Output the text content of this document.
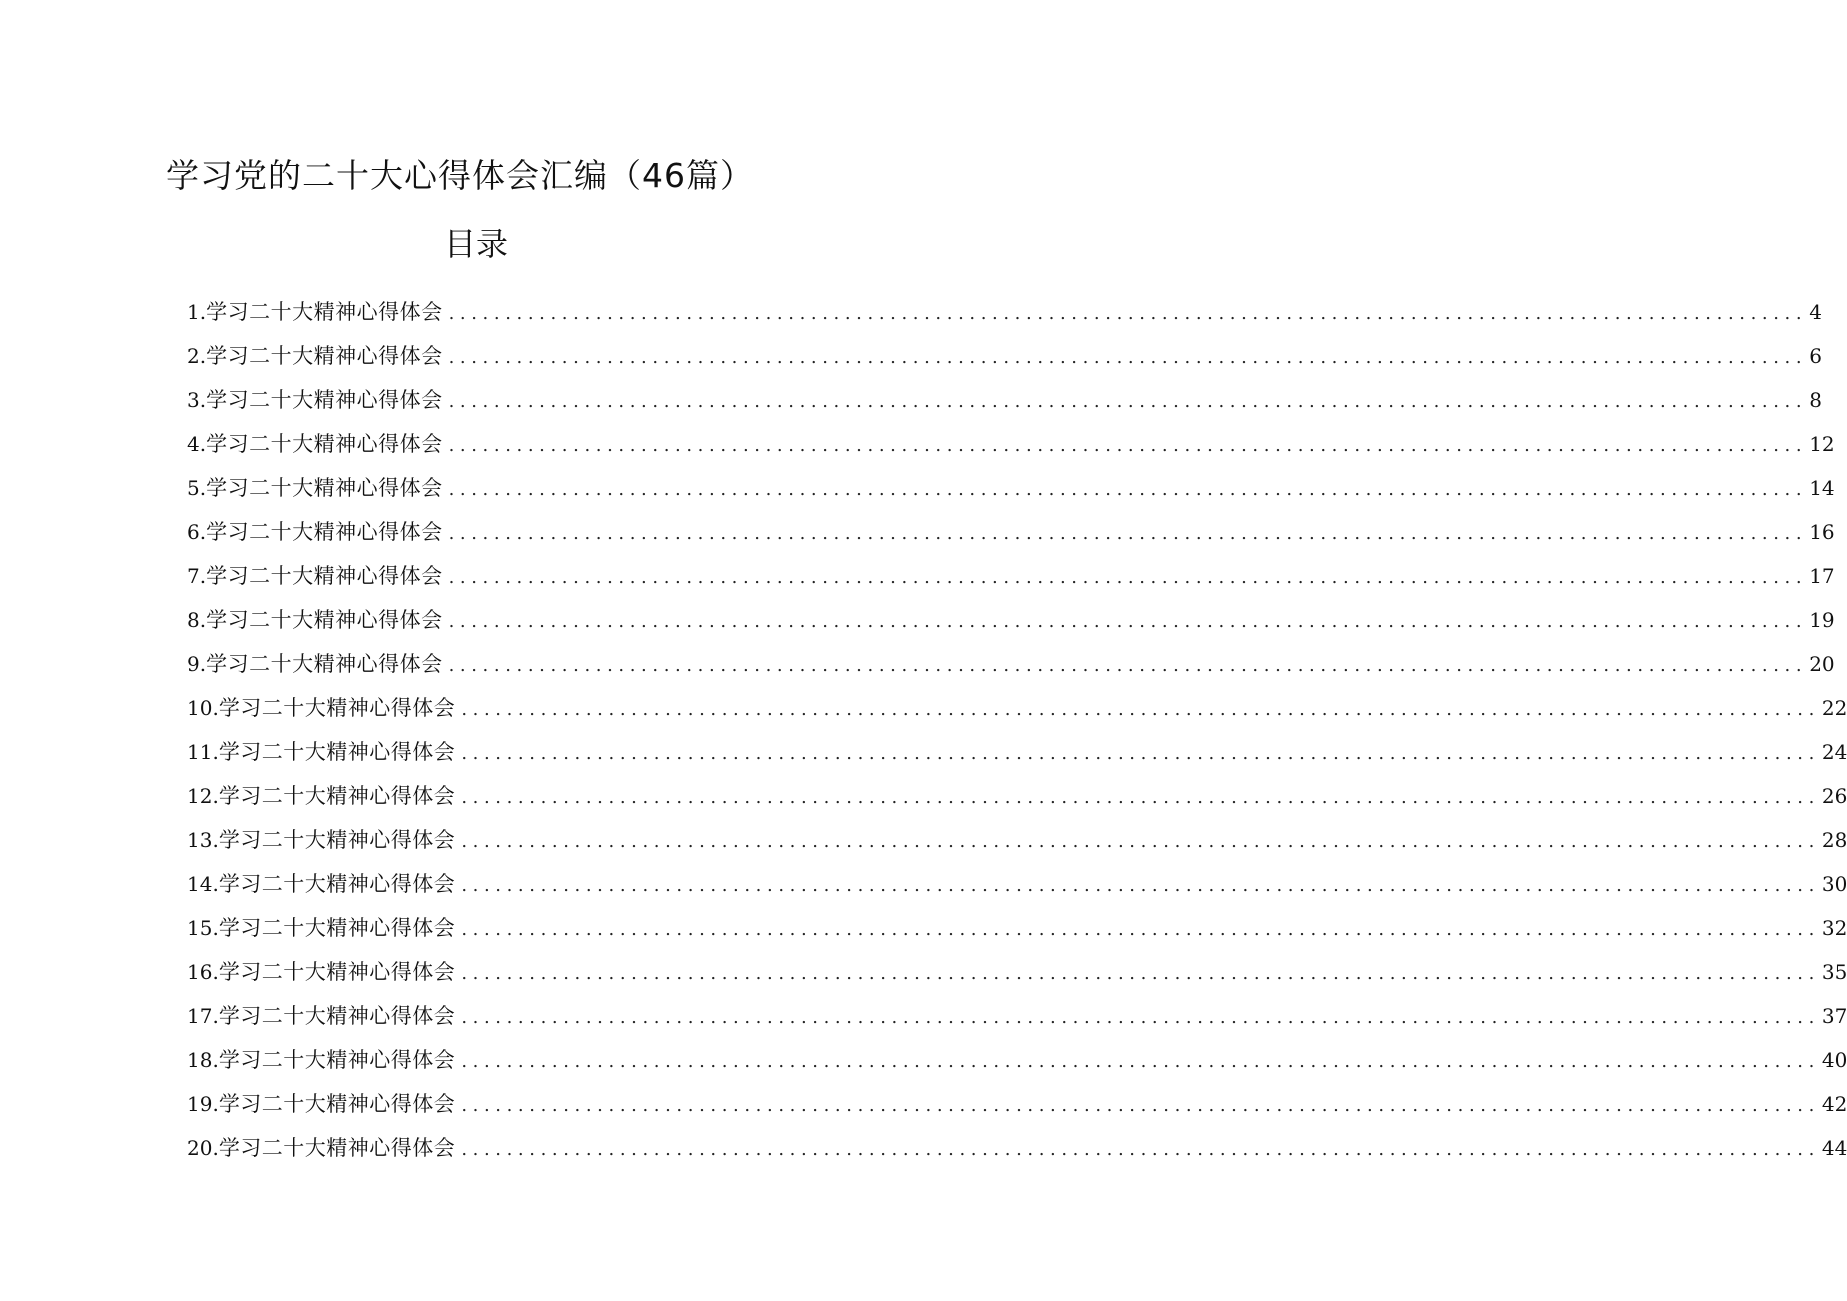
学习党的二十大心得体会汇编（46篇）
目录
1 . 学习二十大精神心得体会 ........................................................................................................................ 4
2 . 学习二十大精神心得体会 ........................................................................................................................ 6
3 . 学习二十大精神心得体会 ........................................................................................................................ 8
4 . 学习二十大精神心得体会 ........................................................................................................................ 12
5 . 学习二十大精神心得体会 ........................................................................................................................ 14
6 . 学习二十大精神心得体会 ........................................................................................................................ 16
7 . 学习二十大精神心得体会 ........................................................................................................................ 17
8 . 学习二十大精神心得体会 ........................................................................................................................ 19
9 . 学习二十大精神心得体会 ........................................................................................................................ 20
10 . 学习二十大精神心得体会 ........................................................................................................................ 22
11 . 学习二十大精神心得体会 ........................................................................................................................ 24
12 . 学习二十大精神心得体会 ........................................................................................................................ 26
13 . 学习二十大精神心得体会 ........................................................................................................................ 28
14 . 学习二十大精神心得体会 ........................................................................................................................ 30
15 . 学习二十大精神心得体会 ........................................................................................................................ 32
16 . 学习二十大精神心得体会 ........................................................................................................................ 35
17 . 学习二十大精神心得体会 ........................................................................................................................ 37
18 . 学习二十大精神心得体会 ........................................................................................................................ 40
19 . 学习二十大精神心得体会 ........................................................................................................................ 42
20 . 学习二十大精神心得体会 ........................................................................................................................ 44
